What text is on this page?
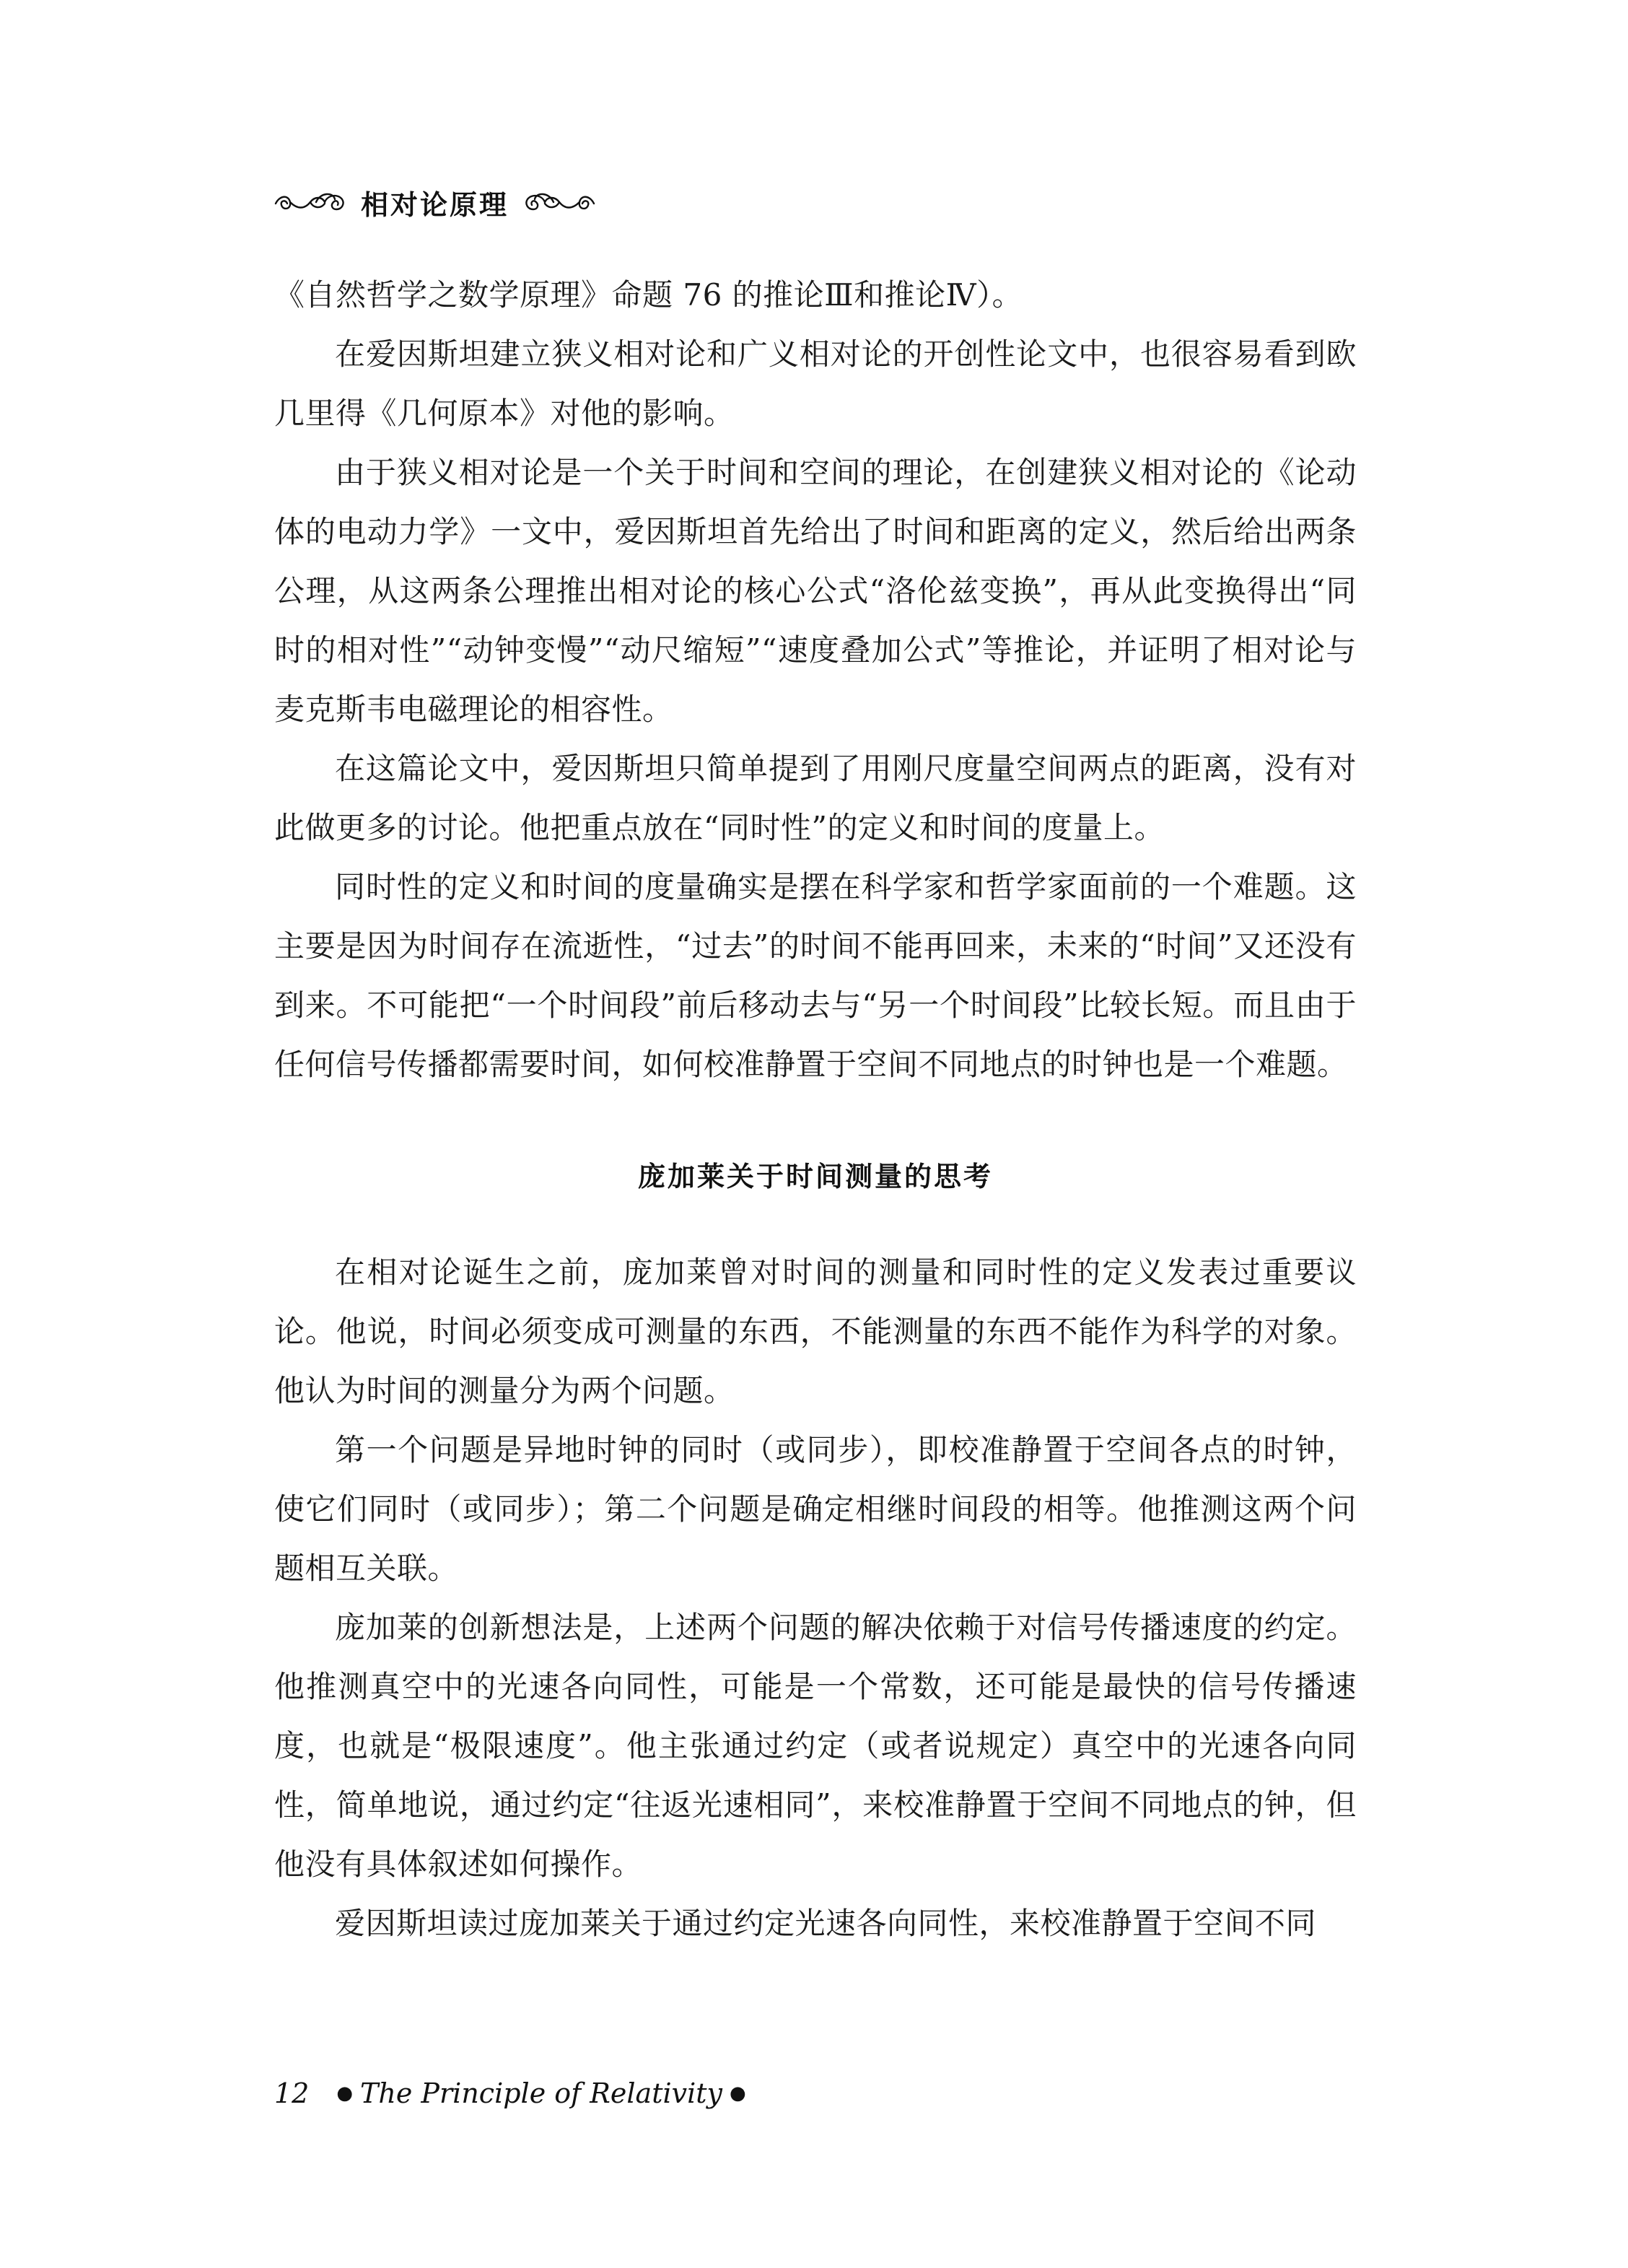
相对论原理

《自然哲学之数学原理》命题 76 的推论Ⅲ和推论Ⅳ）。

在爱因斯坦建立狭义相对论和广义相对论的开创性论文中，也很容易看到欧几里得《几何原本》对他的影响。

由于狭义相对论是一个关于时间和空间的理论，在创建狭义相对论的《论动体的电动力学》一文中，爱因斯坦首先给出了时间和距离的定义，然后给出两条公理，从这两条公理推出相对论的核心公式“洛伦兹变换”，再从此变换得出“同时的相对性”“动钟变慢”“动尺缩短”“速度叠加公式”等推论，并证明了相对论与麦克斯韦电磁理论的相容性。

在这篇论文中，爱因斯坦只简单提到了用刚尺度量空间两点的距离，没有对此做更多的讨论。他把重点放在“同时性”的定义和时间的度量上。

同时性的定义和时间的度量确实是摆在科学家和哲学家面前的一个难题。这主要是因为时间存在流逝性，“过去”的时间不能再回来，未来的“时间”又还没有到来。不可能把“一个时间段”前后移动去与“另一个时间段”比较长短。而且由于任何信号传播都需要时间，如何校准静置于空间不同地点的时钟也是一个难题。

庞加莱关于时间测量的思考

在相对论诞生之前，庞加莱曾对时间的测量和同时性的定义发表过重要议论。他说，时间必须变成可测量的东西，不能测量的东西不能作为科学的对象。他认为时间的测量分为两个问题。

第一个问题是异地时钟的同时（或同步），即校准静置于空间各点的时钟，使它们同时（或同步）；第二个问题是确定相继时间段的相等。他推测这两个问题相互关联。

庞加莱的创新想法是，上述两个问题的解决依赖于对信号传播速度的约定。他推测真空中的光速各向同性，可能是一个常数，还可能是最快的信号传播速度，也就是“极限速度”。他主张通过约定（或者说规定）真空中的光速各向同性，简单地说，通过约定“往返光速相同”，来校准静置于空间不同地点的钟，但他没有具体叙述如何操作。

爱因斯坦读过庞加莱关于通过约定光速各向同性，来校准静置于空间不同

12 ● The Principle of Relativity ●
